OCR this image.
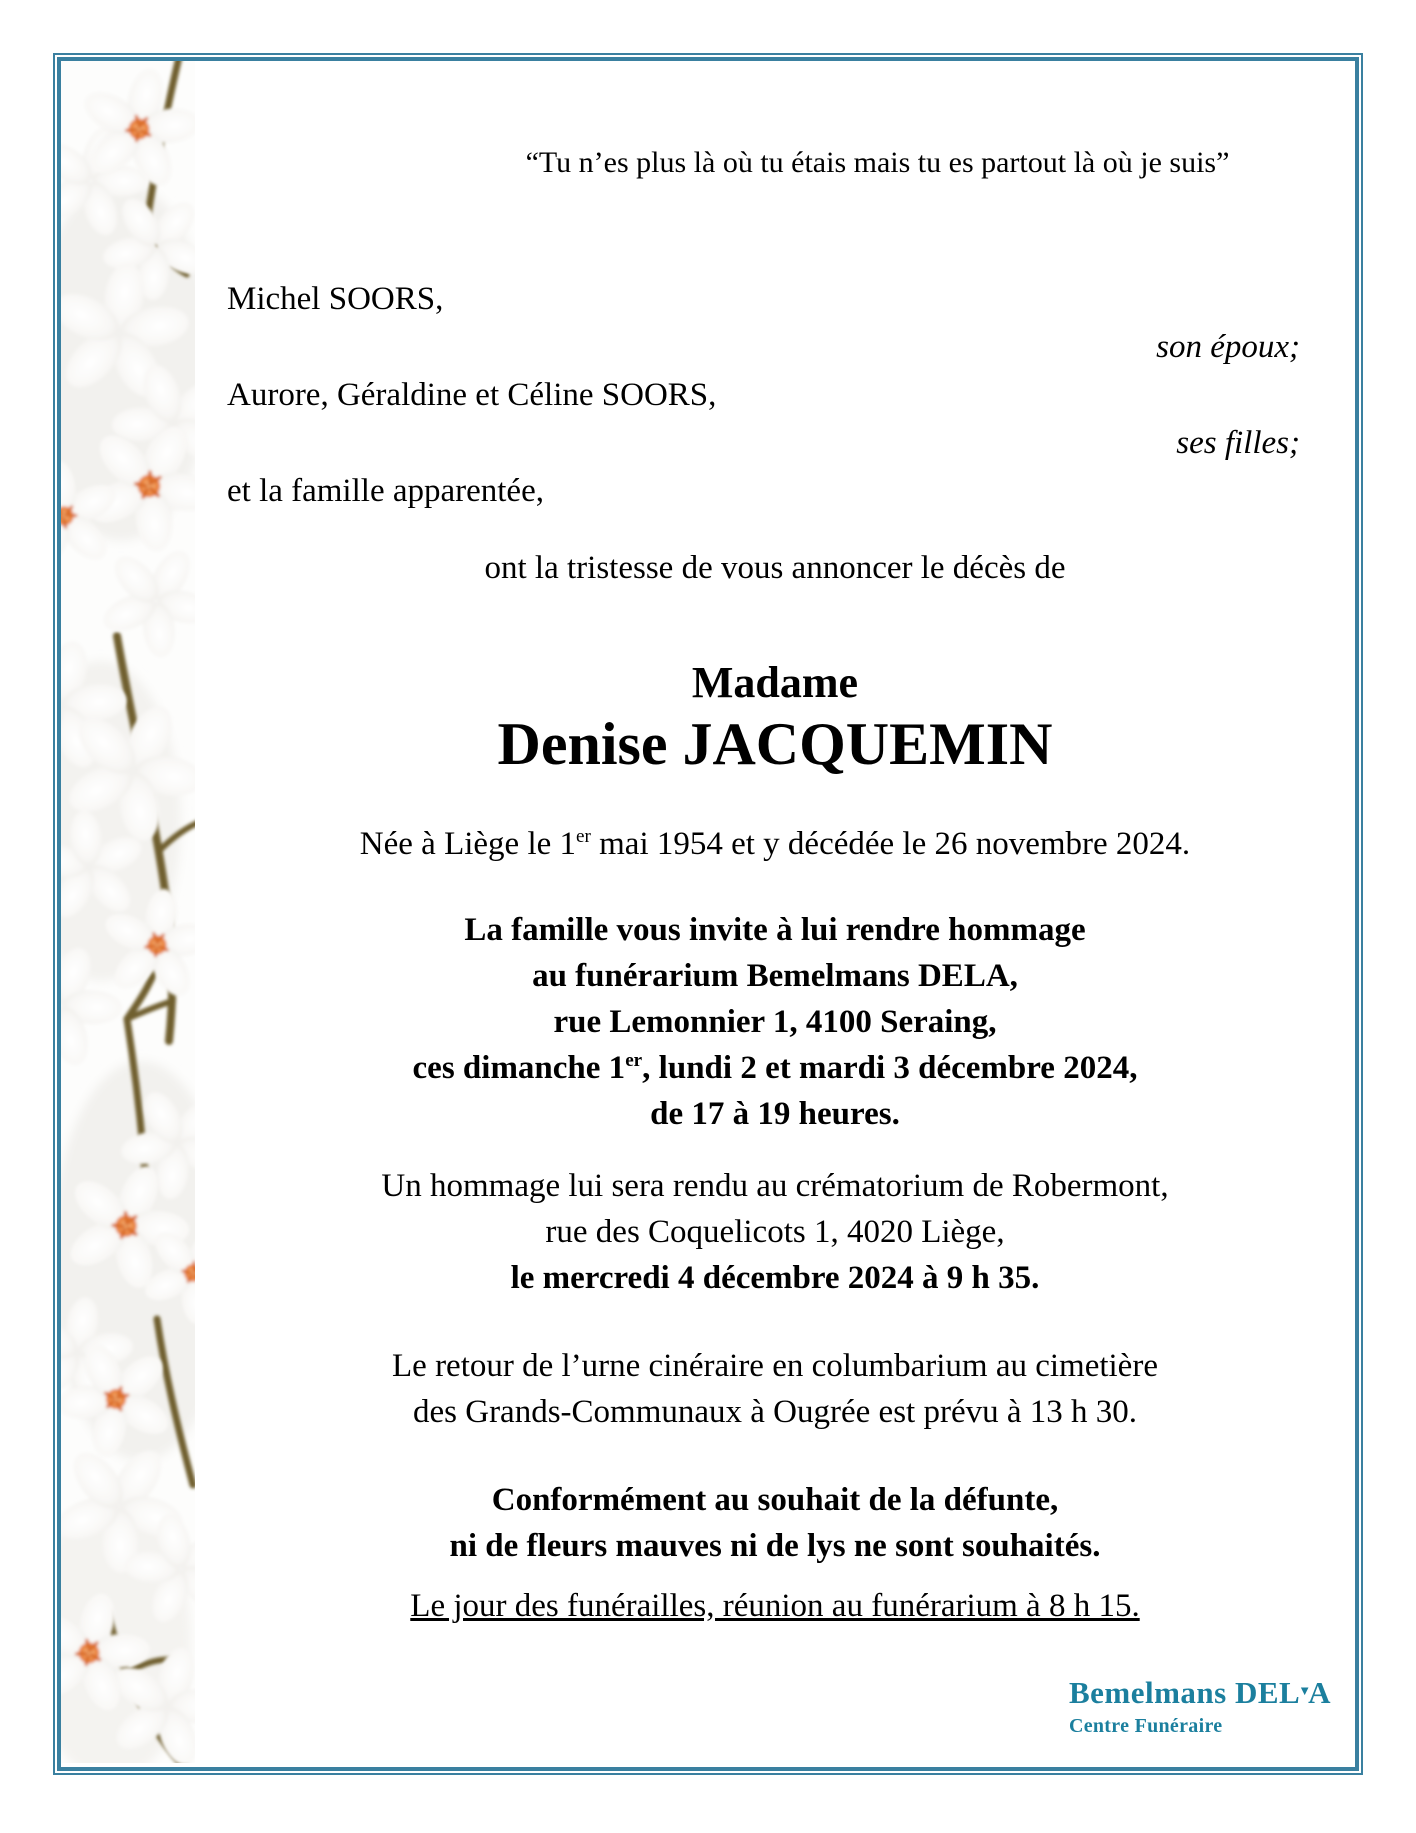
“Tu n’es plus là où tu étais mais tu es partout là où je suis”
Michel SOORS,
son époux;
Aurore, Géraldine et Céline SOORS,
ses filles;
et la famille apparentée,
ont la tristesse de vous annoncer le décès de
Madame
Denise JACQUEMIN
Née à Liège le 1er mai 1954 et y décédée le 26 novembre 2024.
La famille vous invite à lui rendre hommage
au funérarium Bemelmans DELA,
rue Lemonnier 1, 4100 Seraing,
ces dimanche 1er, lundi 2 et mardi 3 décembre 2024,
de 17 à 19 heures.
Un hommage lui sera rendu au crématorium de Robermont,
rue des Coquelicots 1, 4020 Liège,
le mercredi 4 décembre 2024 à 9 h 35.
Le retour de l’urne cinéraire en columbarium au cimetière
des Grands-Communaux à Ougrée est prévu à 13 h 30.
Conformément au souhait de la défunte,
ni de fleurs mauves ni de lys ne sont souhaités.
Le jour des funérailles, réunion au funérarium à 8 h 15.
Bemelmans DEL▼A
Centre Funéraire
